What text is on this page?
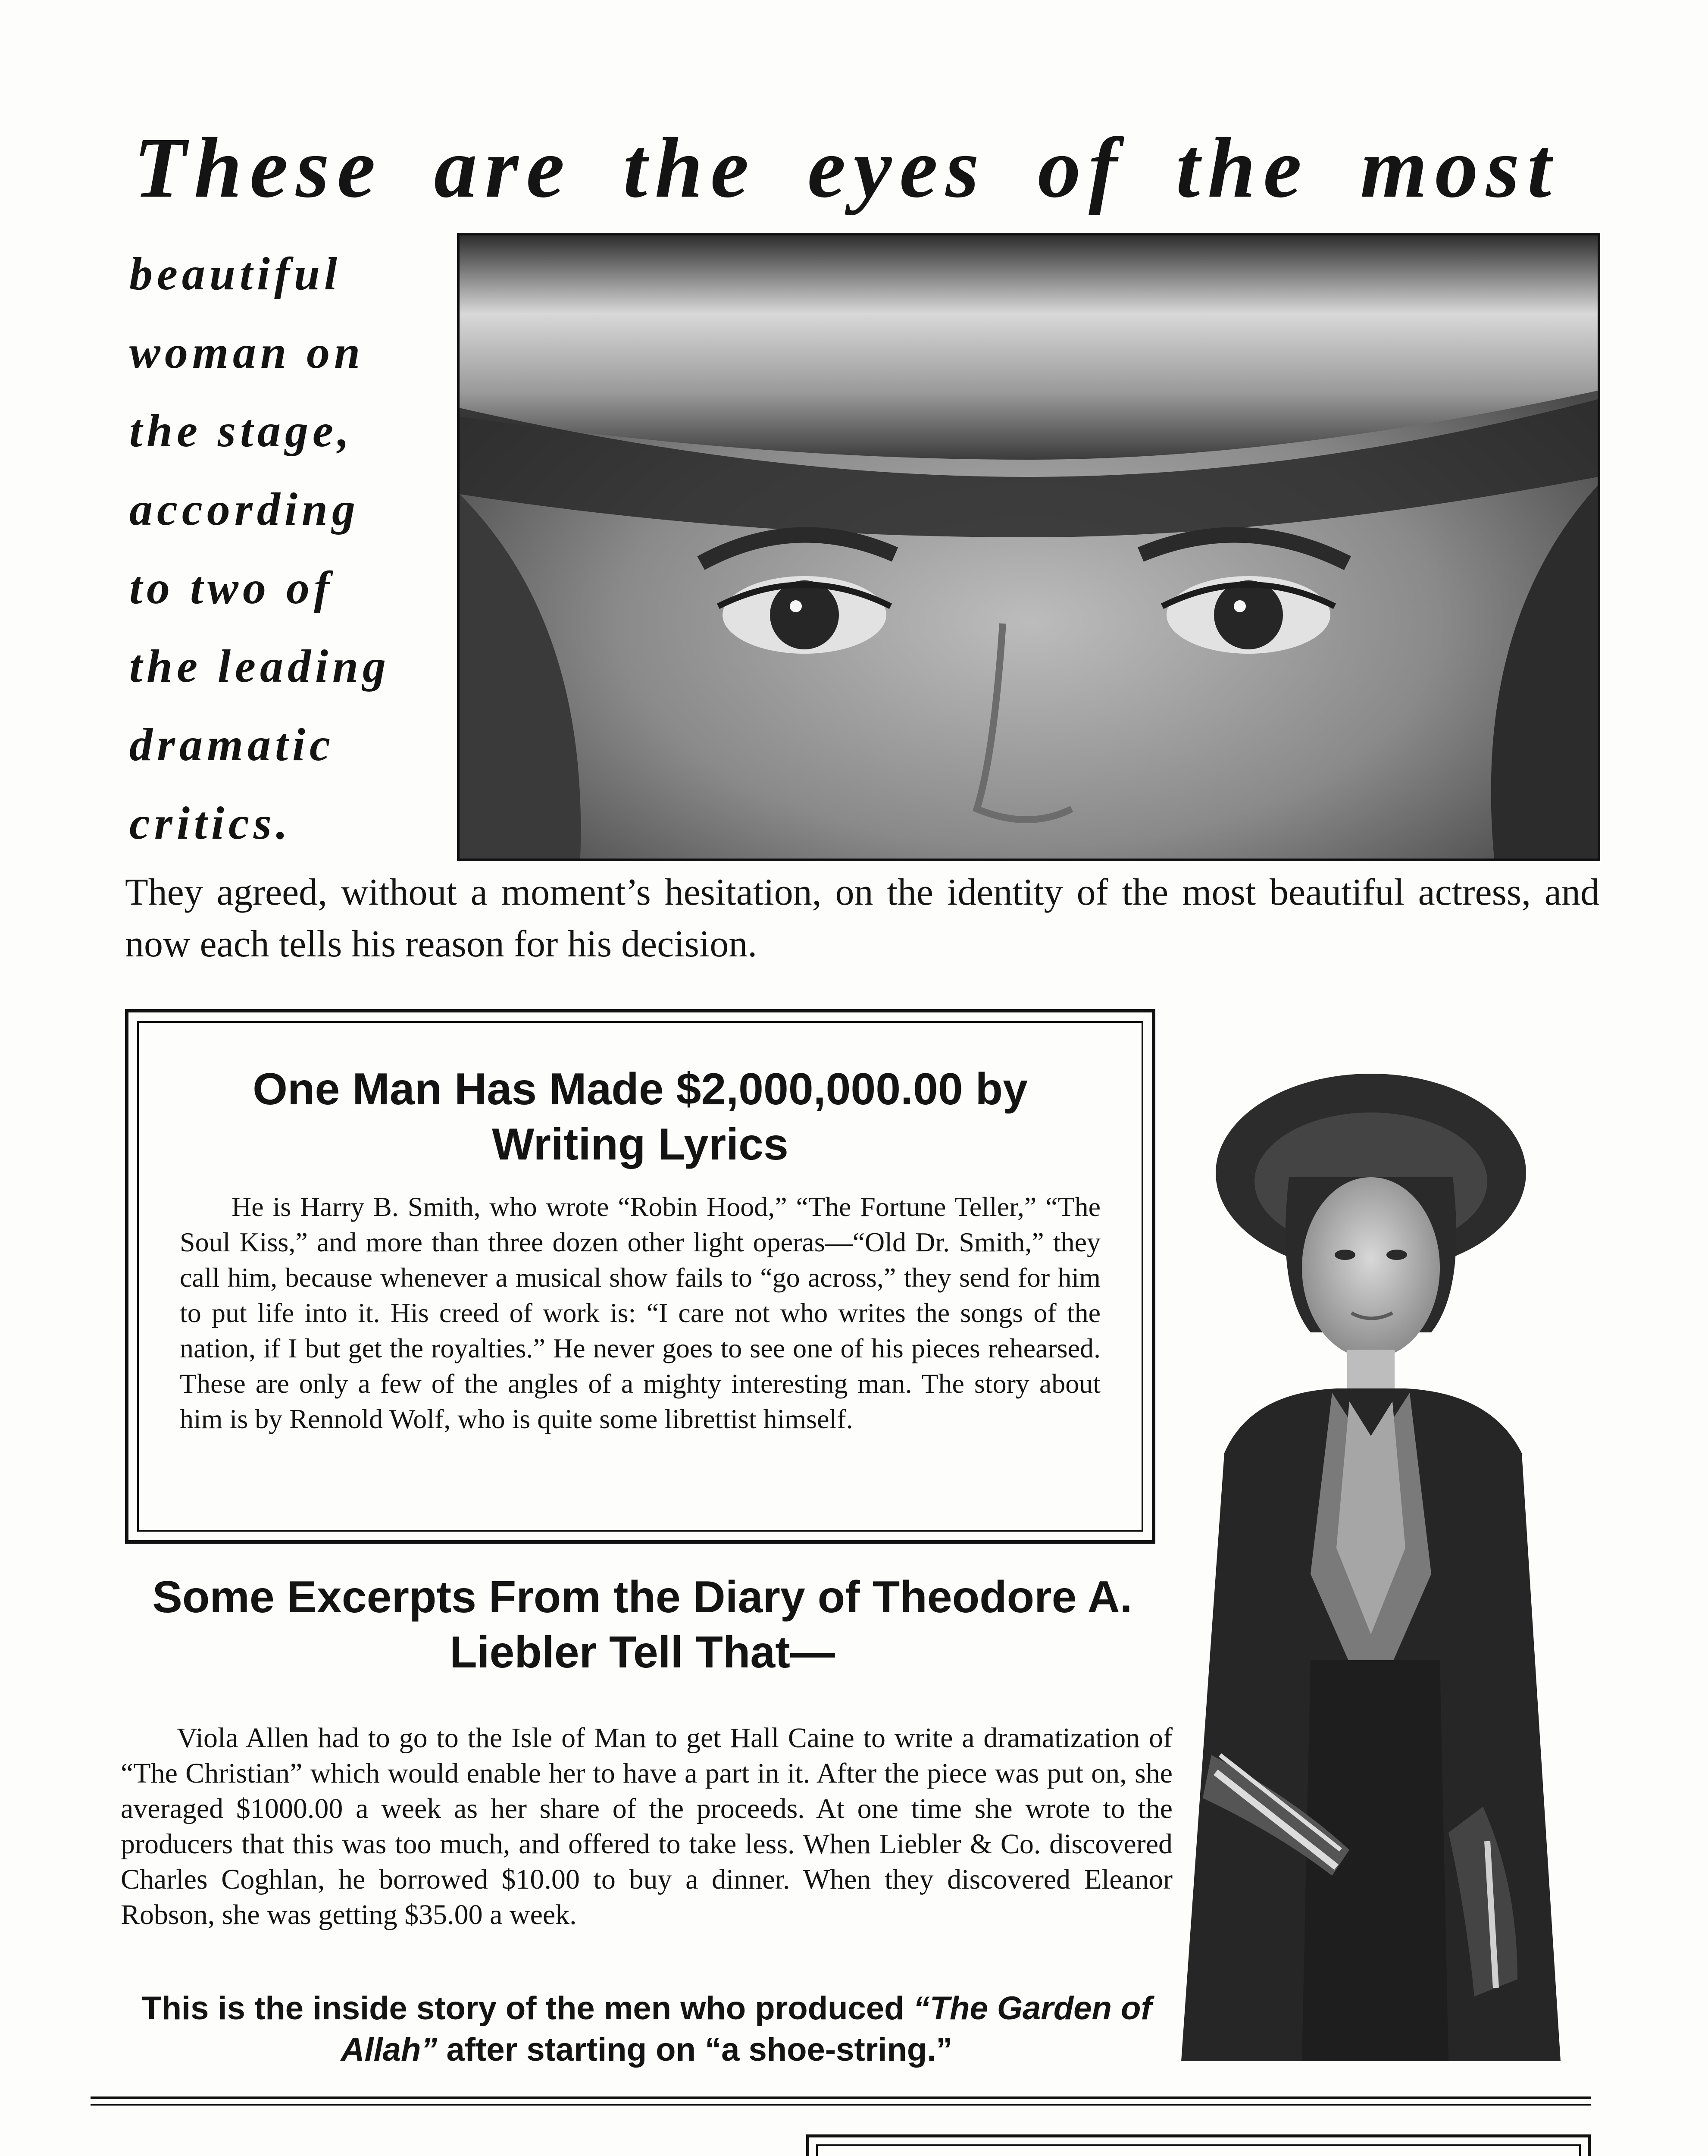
These are the eyes of the most
beautiful
woman on
the stage,
according
to two of
the leading
dramatic
critics.
They agreed, without a moment’s hesitation, on the identity of the most beautiful actress, and now each tells his reason for his decision.
One Man Has Made $2,000,000.00 by Writing Lyrics

He is Harry B. Smith, who wrote “Robin Hood,” “The Fortune Teller,” “The Soul Kiss,” and more than three dozen other light operas—“Old Dr. Smith,” they call him, because whenever a musical show fails to “go across,” they send for him to put life into it. His creed of work is: “I care not who writes the songs of the nation, if I but get the royalties.” He never goes to see one of his pieces rehearsed. These are only a few of the angles of a mighty interesting man. The story about him is by Rennold Wolf, who is quite some librettist himself.

Some Excerpts From the Diary of Theodore A. Liebler Tell That—

Viola Allen had to go to the Isle of Man to get Hall Caine to write a dramatization of “The Christian” which would enable her to have a part in it. After the piece was put on, she averaged $1000.00 a week as her share of the proceeds. At one time she wrote to the producers that this was too much, and offered to take less. When Liebler & Co. discovered Charles Coghlan, he borrowed $10.00 to buy a dinner. When they discovered Eleanor Robson, she was getting $35.00 a week.

This is the inside story of the men who produced “The Garden of Allah” after starting on “a shoe-string.”
